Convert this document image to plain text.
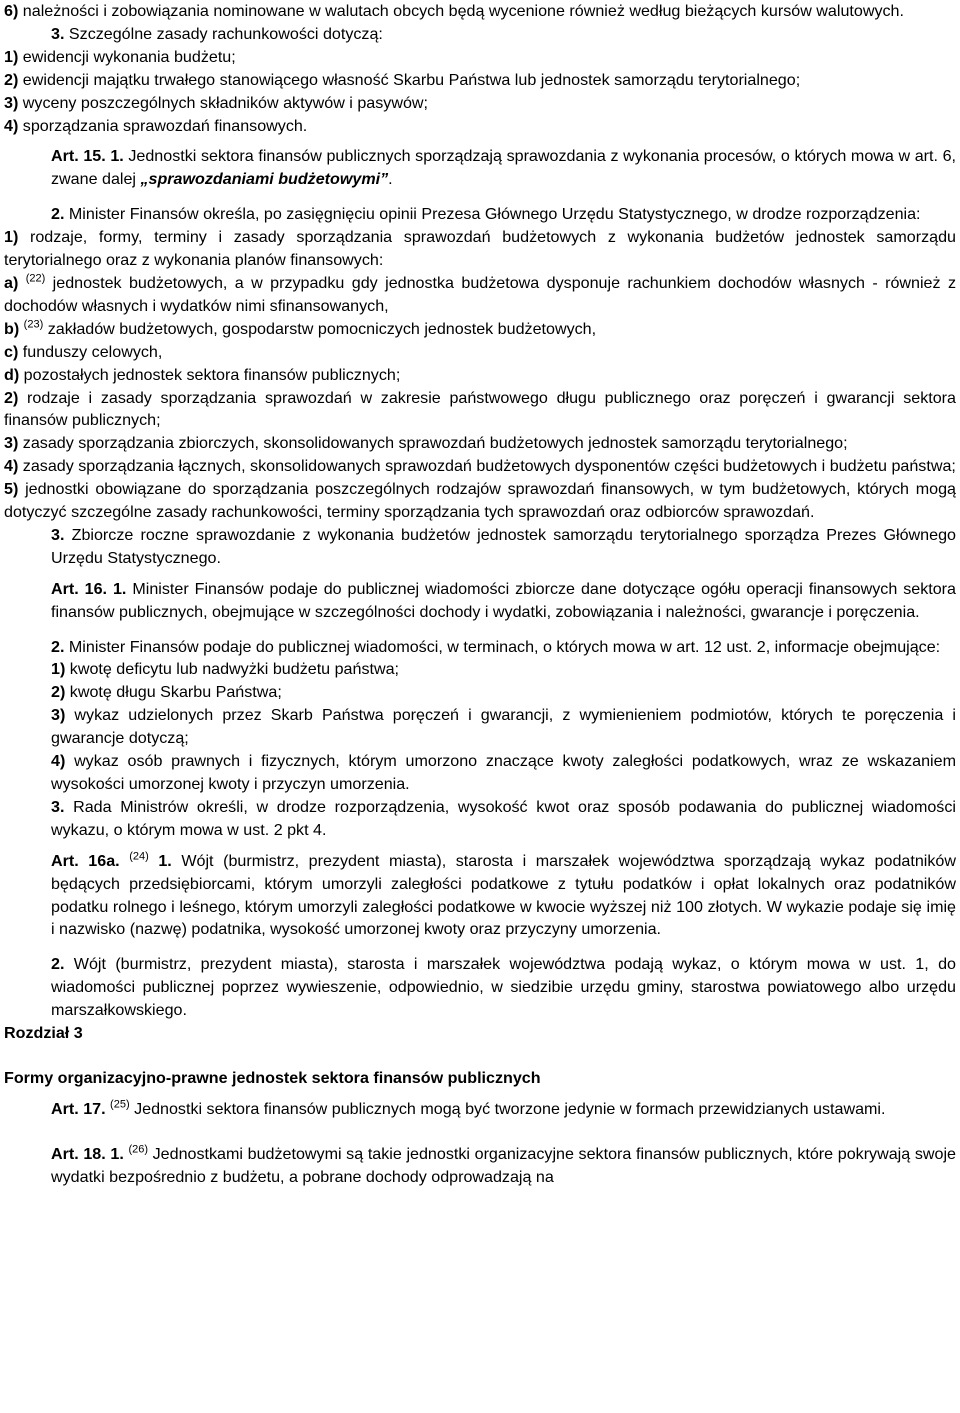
6) należności i zobowiązania nominowane w walutach obcych będą wycenione również według bieżących kursów walutowych.

3. Szczególne zasady rachunkowości dotyczą:

1) ewidencji wykonania budżetu;

2) ewidencji majątku trwałego stanowiącego własność Skarbu Państwa lub jednostek samorządu terytorialnego;

3) wyceny poszczególnych składników aktywów i pasywów;

4) sporządzania sprawozdań finansowych.

Art. 15. 1. Jednostki sektora finansów publicznych sporządzają sprawozdania z wykonania procesów, o których mowa w art. 6, zwane dalej „sprawozdaniami budżetowymi”.

2. Minister Finansów określa, po zasięgnięciu opinii Prezesa Głównego Urzędu Statystycznego, w drodze rozporządzenia:

1) rodzaje, formy, terminy i zasady sporządzania sprawozdań budżetowych z wykonania budżetów jednostek samorządu terytorialnego oraz z wykonania planów finansowych:

a) $^{(22)}$ jednostek budżetowych, a w przypadku gdy jednostka budżetowa dysponuje rachunkiem dochodów własnych - również z dochodów własnych i wydatków nimi sfinansowanych,

b) $^{(23)}$ zakładów budżetowych, gospodarstw pomocniczych jednostek budżetowych,

c) funduszy celowych,

d) pozostałych jednostek sektora finansów publicznych;

2) rodzaje i zasady sporządzania sprawozdań w zakresie państwowego długu publicznego oraz poręczeń i gwarancji sektora finansów publicznych;

3) zasady sporządzania zbiorczych, skonsolidowanych sprawozdań budżetowych jednostek samorządu terytorialnego;

4) zasady sporządzania łącznych, skonsolidowanych sprawozdań budżetowych dysponentów części budżetowych i budżetu państwa;

5) jednostki obowiązane do sporządzania poszczególnych rodzajów sprawozdań finansowych, w tym budżetowych, których mogą dotyczyć szczególne zasady rachunkowości, terminy sporządzania tych sprawozdań oraz odbiorców sprawozdań.

3. Zbiorcze roczne sprawozdanie z wykonania budżetów jednostek samorządu terytorialnego sporządza Prezes Głównego Urzędu Statystycznego.

Art. 16. 1. Minister Finansów podaje do publicznej wiadomości zbiorcze dane dotyczące ogółu operacji finansowych sektora finansów publicznych, obejmujące w szczególności dochody i wydatki, zobowiązania i należności, gwarancje i poręczenia.

2. Minister Finansów podaje do publicznej wiadomości, w terminach, o których mowa w art. 12 ust. 2, informacje obejmujące:

1) kwotę deficytu lub nadwyżki budżetu państwa;

2) kwotę długu Skarbu Państwa;

3) wykaz udzielonych przez Skarb Państwa poręczeń i gwarancji, z wymienieniem podmiotów, których te poręczenia i gwarancje dotyczą;

4) wykaz osób prawnych i fizycznych, którym umorzono znaczące kwoty zaległości podatkowych, wraz ze wskazaniem wysokości umorzonej kwoty i przyczyn umorzenia.

3. Rada Ministrów określi, w drodze rozporządzenia, wysokość kwot oraz sposób podawania do publicznej wiadomości wykazu, o którym mowa w ust. 2 pkt 4.

Art. 16a. $^{(24)}$ 1. Wójt (burmistrz, prezydent miasta), starosta i marszałek województwa sporządzają wykaz podatników będących przedsiębiorcami, którym umorzyli zaległości podatkowe z tytułu podatków i opłat lokalnych oraz podatników podatku rolnego i leśnego, którym umorzyli zaległości podatkowe w kwocie wyższej niż 100 złotych. W wykazie podaje się imię i nazwisko (nazwę) podatnika, wysokość umorzonej kwoty oraz przyczyny umorzenia.

2. Wójt (burmistrz, prezydent miasta), starosta i marszałek województwa podają wykaz, o którym mowa w ust. 1, do wiadomości publicznej poprzez wywieszenie, odpowiednio, w siedzibie urzędu gminy, starostwa powiatowego albo urzędu marszałkowskiego.

Rozdział 3

Formy organizacyjno-prawne jednostek sektora finansów publicznych

Art. 17. $^{(25)}$ Jednostki sektora finansów publicznych mogą być tworzone jedynie w formach przewidzianych ustawami.

Art. 18. 1. $^{(26)}$ Jednostkami budżetowymi są takie jednostki organizacyjne sektora finansów publicznych, które pokrywają swoje wydatki bezpośrednio z budżetu, a pobrane dochody odprowadzają na
